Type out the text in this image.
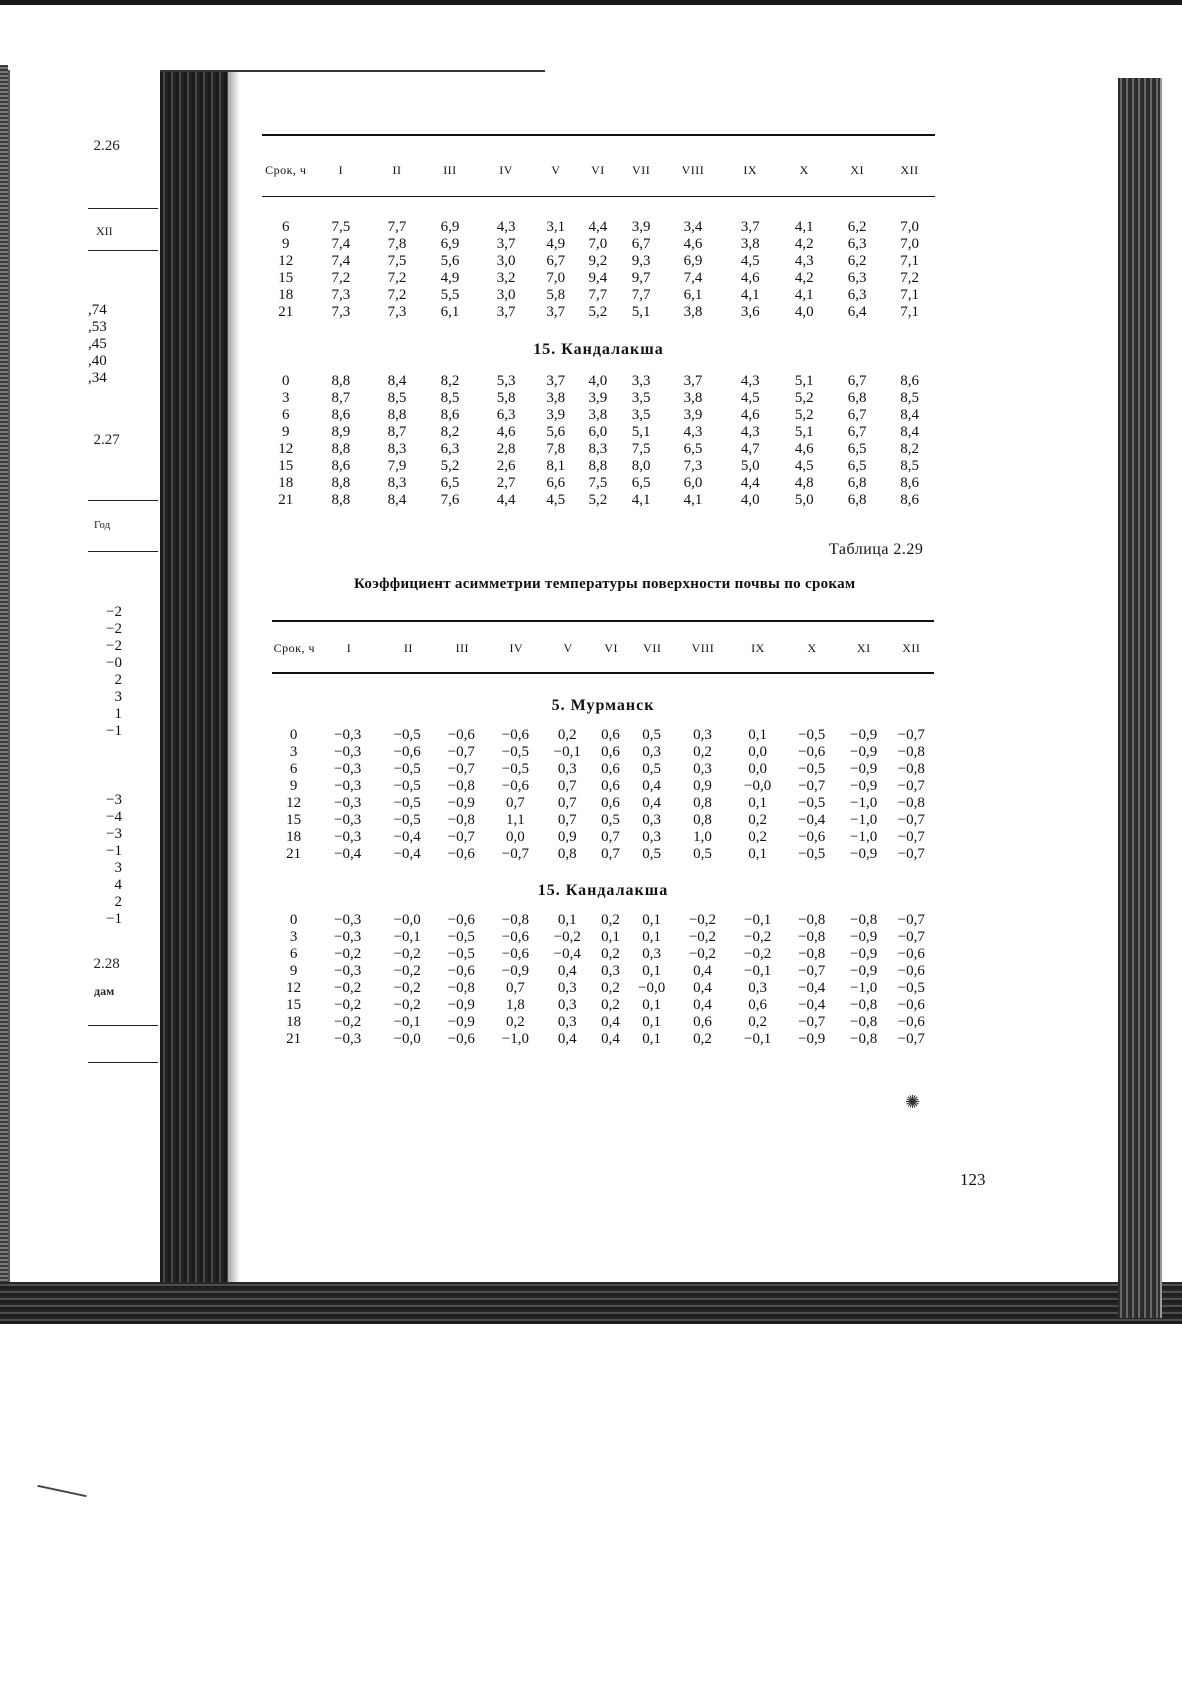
2.26
XII
,74
,53
,45
,40
,34
2.27
Год
−2
−2
−2
−0
2
3
1
−1
−3
−4
−3
−1
3
4
2
−1
2.28
дам
Срок, ч	I	II	III	IV	V	VI	VII	VIII	IX	X	XI	XII
6	7,5	7,7	6,9	4,3	3,1	4,4	3,9	3,4	3,7	4,1	6,2	7,0
9	7,4	7,8	6,9	3,7	4,9	7,0	6,7	4,6	3,8	4,2	6,3	7,0
12	7,4	7,5	5,6	3,0	6,7	9,2	9,3	6,9	4,5	4,3	6,2	7,1
15	7,2	7,2	4,9	3,2	7,0	9,4	9,7	7,4	4,6	4,2	6,3	7,2
18	7,3	7,2	5,5	3,0	5,8	7,7	7,7	6,1	4,1	4,1	6,3	7,1
21	7,3	7,3	6,1	3,7	3,7	5,2	5,1	3,8	3,6	4,0	6,4	7,1
15. Кандалакша
0	8,8	8,4	8,2	5,3	3,7	4,0	3,3	3,7	4,3	5,1	6,7	8,6
3	8,7	8,5	8,5	5,8	3,8	3,9	3,5	3,8	4,5	5,2	6,8	8,5
6	8,6	8,8	8,6	6,3	3,9	3,8	3,5	3,9	4,6	5,2	6,7	8,4
9	8,9	8,7	8,2	4,6	5,6	6,0	5,1	4,3	4,3	5,1	6,7	8,4
12	8,8	8,3	6,3	2,8	7,8	8,3	7,5	6,5	4,7	4,6	6,5	8,2
15	8,6	7,9	5,2	2,6	8,1	8,8	8,0	7,3	5,0	4,5	6,5	8,5
18	8,8	8,3	6,5	2,7	6,6	7,5	6,5	6,0	4,4	4,8	6,8	8,6
21	8,8	8,4	7,6	4,4	4,5	5,2	4,1	4,1	4,0	5,0	6,8	8,6
Таблица 2.29
Коэффициент асимметрии температуры поверхности почвы по срокам
Срок, ч	I	II	III	IV	V	VI	VII	VIII	IX	X	XI	XII
5. Мурманск
0	−0,3	−0,5	−0,6	−0,6	0,2	0,6	0,5	0,3	0,1	−0,5	−0,9	−0,7
3	−0,3	−0,6	−0,7	−0,5	−0,1	0,6	0,3	0,2	0,0	−0,6	−0,9	−0,8
6	−0,3	−0,5	−0,7	−0,5	0,3	0,6	0,5	0,3	0,0	−0,5	−0,9	−0,8
9	−0,3	−0,5	−0,8	−0,6	0,7	0,6	0,4	0,9	−0,0	−0,7	−0,9	−0,7
12	−0,3	−0,5	−0,9	0,7	0,7	0,6	0,4	0,8	0,1	−0,5	−1,0	−0,8
15	−0,3	−0,5	−0,8	1,1	0,7	0,5	0,3	0,8	0,2	−0,4	−1,0	−0,7
18	−0,3	−0,4	−0,7	0,0	0,9	0,7	0,3	1,0	0,2	−0,6	−1,0	−0,7
21	−0,4	−0,4	−0,6	−0,7	0,8	0,7	0,5	0,5	0,1	−0,5	−0,9	−0,7
15. Кандалакша
0	−0,3	−0,0	−0,6	−0,8	0,1	0,2	0,1	−0,2	−0,1	−0,8	−0,8	−0,7
3	−0,3	−0,1	−0,5	−0,6	−0,2	0,1	0,1	−0,2	−0,2	−0,8	−0,9	−0,7
6	−0,2	−0,2	−0,5	−0,6	−0,4	0,2	0,3	−0,2	−0,2	−0,8	−0,9	−0,6
9	−0,3	−0,2	−0,6	−0,9	0,4	0,3	0,1	0,4	−0,1	−0,7	−0,9	−0,6
12	−0,2	−0,2	−0,8	0,7	0,3	0,2	−0,0	0,4	0,3	−0,4	−1,0	−0,5
15	−0,2	−0,2	−0,9	1,8	0,3	0,2	0,1	0,4	0,6	−0,4	−0,8	−0,6
18	−0,2	−0,1	−0,9	0,2	0,3	0,4	0,1	0,6	0,2	−0,7	−0,8	−0,6
21	−0,3	−0,0	−0,6	−1,0	0,4	0,4	0,1	0,2	−0,1	−0,9	−0,8	−0,7
123
✺
